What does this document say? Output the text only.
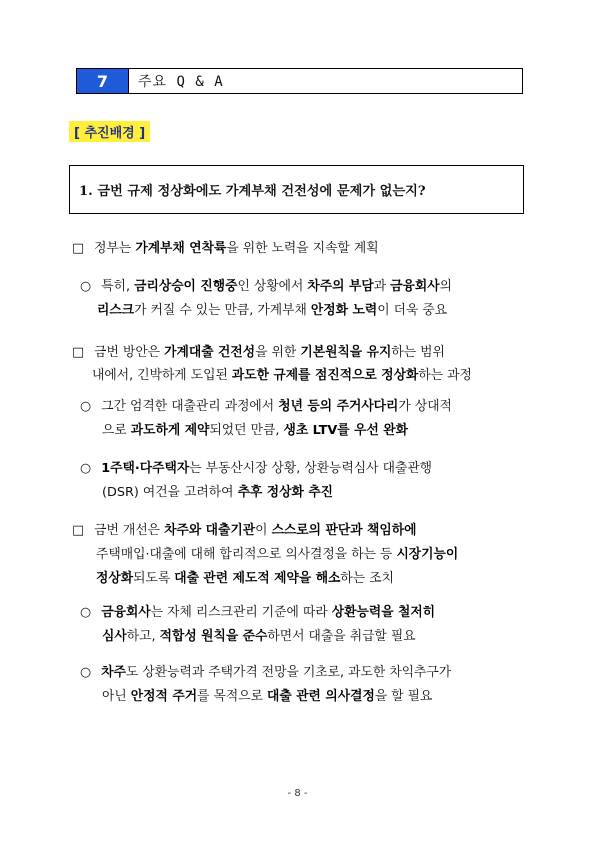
7	주요 Q & A
[ 추진배경 ]
1. 금번 규제 정상화에도 가계부채 건전성에 문제가 없는지?
□ 정부는 가계부채 연착륙을 위한 노력을 지속할 계획
○ 특히, 금리상승이 진행중인 상황에서 차주의 부담과 금융회사의
리스크가 커질 수 있는 만큼, 가계부채 안정화 노력이 더욱 중요
□ 금번 방안은 가계대출 건전성을 위한 기본원칙을 유지하는 범위
내에서, 긴박하게 도입된 과도한 규제를 점진적으로 정상화하는 과정
○ 그간 엄격한 대출관리 과정에서 청년 등의 주거사다리가 상대적
으로 과도하게 제약되었던 만큼, 생초 LTV를 우선 완화
○ 1주택·다주택자는 부동산시장 상황, 상환능력심사 대출관행
(DSR) 여건을 고려하여 추후 정상화 추진
□ 금번 개선은 차주와 대출기관이 스스로의 판단과 책임하에
주택매입·대출에 대해 합리적으로 의사결정을 하는 등 시장기능이
정상화되도록 대출 관련 제도적 제약을 해소하는 조치
○ 금융회사는 자체 리스크관리 기준에 따라 상환능력을 철저히
심사하고, 적합성 원칙을 준수하면서 대출을 취급할 필요
○ 차주도 상환능력과 주택가격 전망을 기초로, 과도한 차익추구가
아닌 안정적 주거를 목적으로 대출 관련 의사결정을 할 필요
- 8 -
